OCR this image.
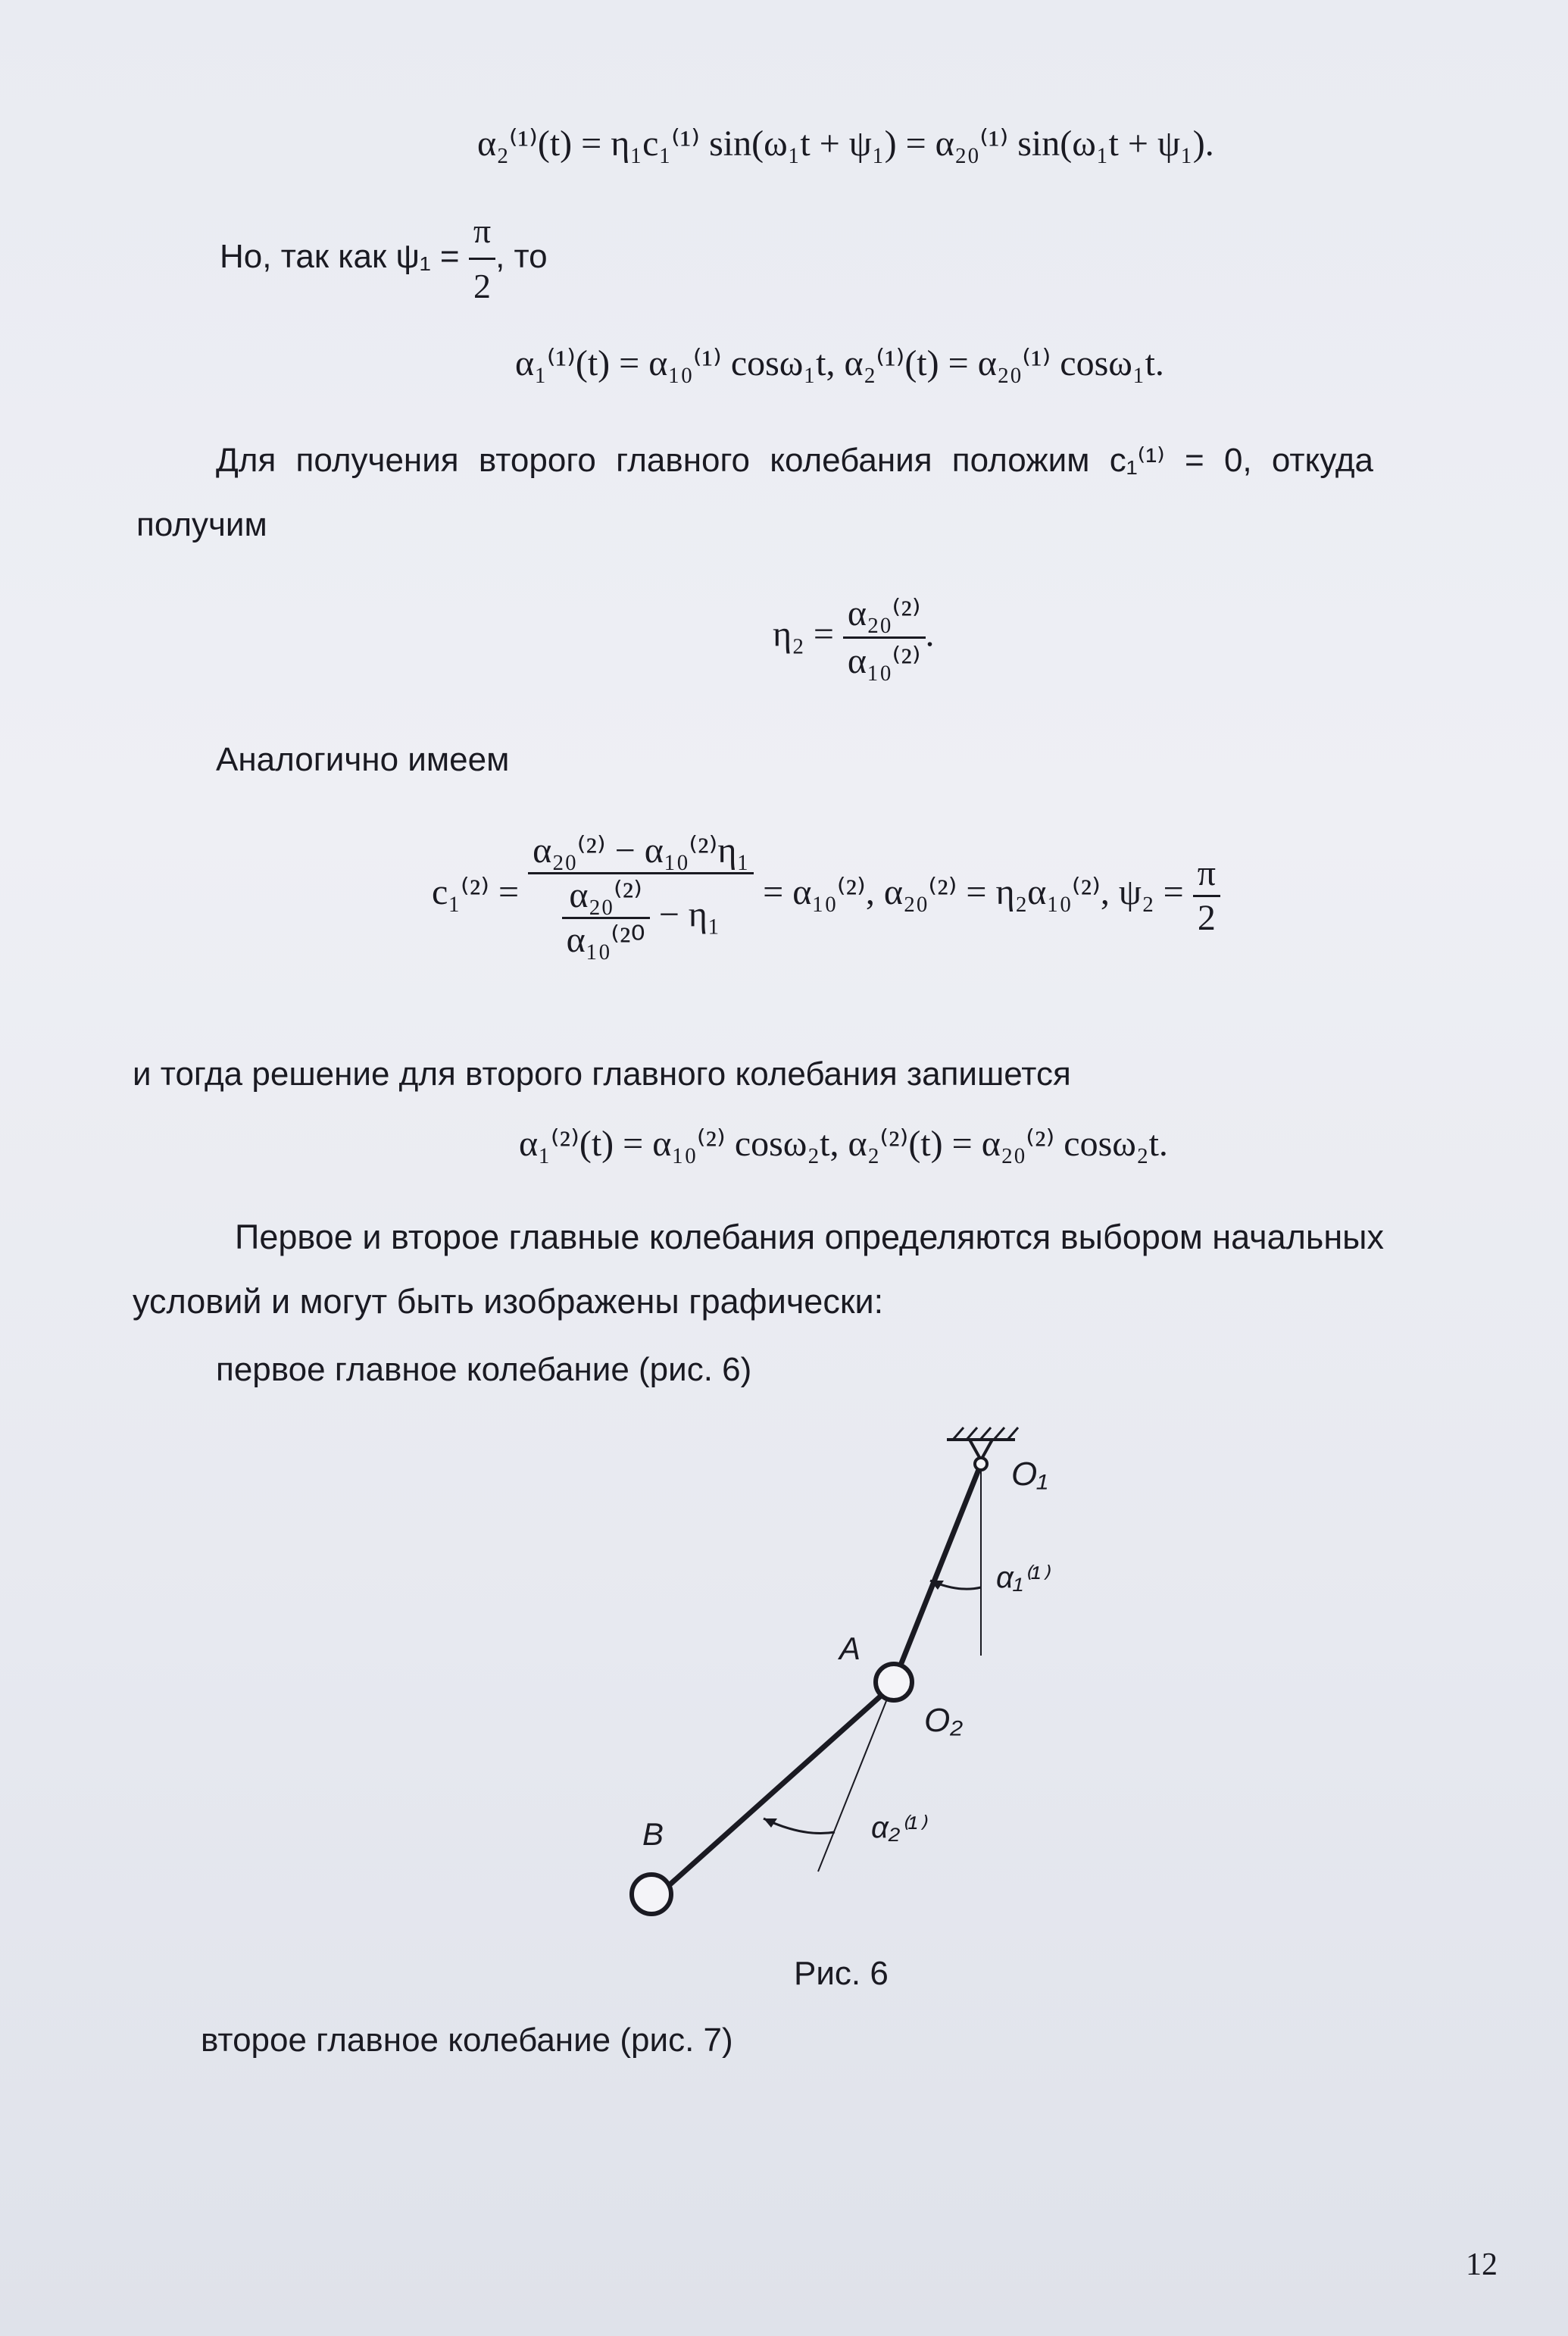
α₂⁽¹⁾(t) = η₁c₁⁽¹⁾ sin(ω₁t + ψ₁) = α₂₀⁽¹⁾ sin(ω₁t + ψ₁).
Но, так как $\psi_1 = \frac{\pi}{2}$ , то
α₁⁽¹⁾(t) = α₁₀⁽¹⁾ cosω₁t, α₂⁽¹⁾(t) = α₂₀⁽¹⁾ cosω₁t.
Для получения второго главного колебания положим c₁⁽¹⁾ = 0, откуда
получим
$\eta_2 = \frac{\text{α₂₀⁽²⁾}}{\text{α₁₀⁽²⁾}}$ .
Аналогично имеем
$c_1^{(2)} = \frac{\text{α₂₀⁽²⁾ − α₁₀⁽²⁾η₁}}{\frac{\text{α₂₀⁽²⁾}}{\text{α₁₀⁽²⁰}} - \eta_1} = \alpha_{10}^{(2)}$, α₂₀⁽²⁾ = η₂α₁₀⁽²⁾, $\psi_2 = \frac{\pi}{2}$
и тогда решение для второго главного колебания запишется
α₁⁽²⁾(t) = α₁₀⁽²⁾ cosω₂t, α₂⁽²⁾(t) = α₂₀⁽²⁾ cosω₂t.
Первое и второе главные колебания определяются выбором начальных
условий и могут быть изображены графически:
первое главное колебание (рис. 6)
O₁
α₁⁽¹⁾
A
O₂
B	α₂⁽¹⁾
Рис. 6
второе главное колебание (рис. 7)
12
